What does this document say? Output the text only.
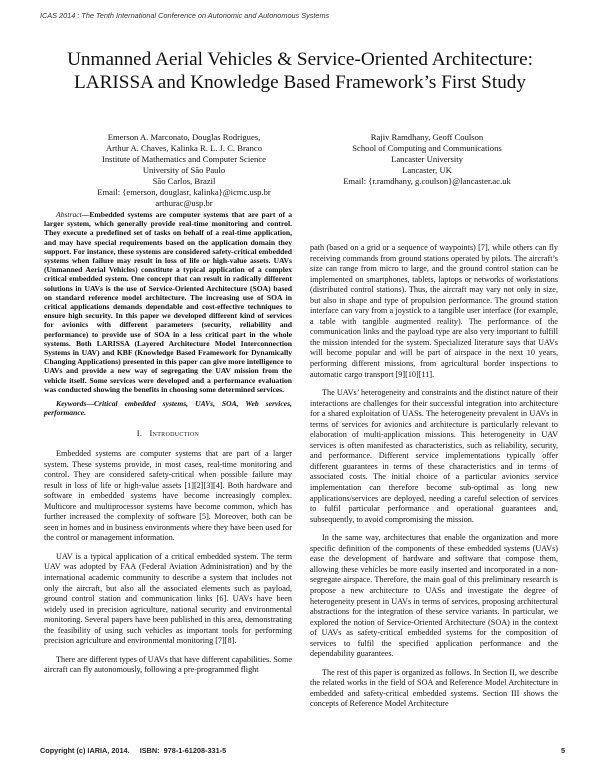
ICAS 2014 : The Tenth International Conference on Autonomic and Autonomous Systems
Unmanned Aerial Vehicles & Service-Oriented Architecture:
LARISSA and Knowledge Based Framework’s First Study
Emerson A. Marconato, Douglas Rodrigues,
Arthur A. Chaves, Kalinka R. L. J. C. Branco
Institute of Mathematics and Computer Science
University of São Paulo
São Carlos, Brazil
Email: {emerson, douglasr, kalinka}@icmc.usp.br
arthurac@usp.br
Rajiv Ramdhany, Geoff Coulson
School of Computing and Communications
Lancaster University
Lancaster, UK
Email: {r.ramdhany, g.coulson}@lancaster.ac.uk

Abstract—Embedded systems are computer systems that are part of a larger system, which generally provide real-time monitoring and control. They execute a predefined set of tasks on behalf of a real-time application, and may have special requirements based on the application domain they support. For instance, these systems are considered safety-critical embedded systems when failure may result in loss of life or high-value assets. UAVs (Unmanned Aerial Vehicles) constitute a typical application of a complex critical embedded system. One concept that can result in radically different solutions in UAVs is the use of Service-Oriented Architecture (SOA) based on standard reference model architecture. The increasing use of SOA in critical applications demands dependable and cost-effective techniques to ensure high security. In this paper we developed different kind of services for avionics with different parameters (security, reliability and performance) to provide use of SOA in a less critical part in the whole systems. Both LARISSA (Layered Architecture Model Interconnection Systems in UAV) and KBF (Knowledge Based Framework for Dynamically Changing Applications) presented in this paper can give more intelligence to UAVs and provide a new way of segregating the UAV mission from the vehicle itself. Some services were developed and a performance evaluation was conducted showing the benefits in choosing some determined services.

Keywords—Critical embedded systems, UAVs, SOA, Web services, performance.

I. Introduction

Embedded systems are computer systems that are part of a larger system. These systems provide, in most cases, real-time monitoring and control. They are considered safety-critical when possible failure may result in loss of life or high-value assets [1][2][3][4]. Both hardware and software in embedded systems have become increasingly complex. Multicore and multiprocessor systems have become common, which has further increased the complexity of software [5]. Moreover, both can be seen in homes and in business environments where they have been used for the control or management information.

UAV is a typical application of a critical embedded system. The term UAV was adopted by FAA (Federal Aviation Administration) and by the international academic community to describe a system that includes not only the aircraft, but also all the associated elements such as payload, ground control station and communication links [6]. UAVs have been widely used in precision agriculture, national security and environmental monitoring. Several papers have been published in this area, demonstrating the feasibility of using such vehicles as important tools for performing precision agriculture and environmental monitoring [7][8].

There are different types of UAVs that have different capabilities. Some aircraft can fly autonomously, following a pre-programmed flight

path (based on a grid or a sequence of waypoints) [7], while others can fly receiving commands from ground stations operated by pilots. The aircraft’s size can range from micro to large, and the ground control station can be implemented on smartphones, tablets, laptops or networks of workstations (distributed control stations). Thus, the aircraft may vary not only in size, but also in shape and type of propulsion performance. The ground station interface can vary from a joystick to a tangible user interface (for example, a table with tangible augmented reality). The performance of the communication links and the payload type are also very important to fulfill the mission intended for the system. Specialized literature says that UAVs will become popular and will be part of airspace in the next 10 years, performing different missions, from agricultural border inspections to automatic cargo transport [9][10][11].

The UAVs’ heterogeneity and constraints and the distinct nature of their interactions are challenges for their successful integration into architecture for a shared exploitation of UASs. The heterogeneity prevalent in UAVs in terms of services for avionics and architecture is particularly relevant to elaboration of multi-application missions. This heterogeneity in UAV services is often manifested as characteristics, such as reliability, security, and performance. Different service implementations typically offer different guarantees in terms of these characteristics and in terms of associated costs. The initial choice of a particular avionics service implementation can therefore become sub-optimal as long new applications/services are deployed, needing a careful selection of services to fulfil particular performance and operational guarantees and, subsequently, to avoid compromising the mission.

In the same way, architectures that enable the organization and more specific definition of the components of these embedded systems (UAVs) ease the development of hardware and software that compose them, allowing these vehicles be more easily inserted and incorporated in a non-segregate airspace. Therefore, the main goal of this preliminary research is propose a new architecture to UASs and investigate the degree of heterogeneity present in UAVs in terms of services, proposing architectural abstractions for the integration of these service variants. In particular, we explored the notion of Service-Oriented Architecture (SOA) in the context of UAVs as safety-critical embedded systems for the composition of services to fulfil the specified application performance and the dependability guarantees.

The rest of this paper is organized as follows. In Section II, we describe the related works in the field of SOA and Reference Model Architecture in embedded and safety-critical embedded systems. Section III shows the concepts of Reference Model Architecture

Copyright (c) IARIA, 2014.     ISBN:  978-1-61208-331-5	5
